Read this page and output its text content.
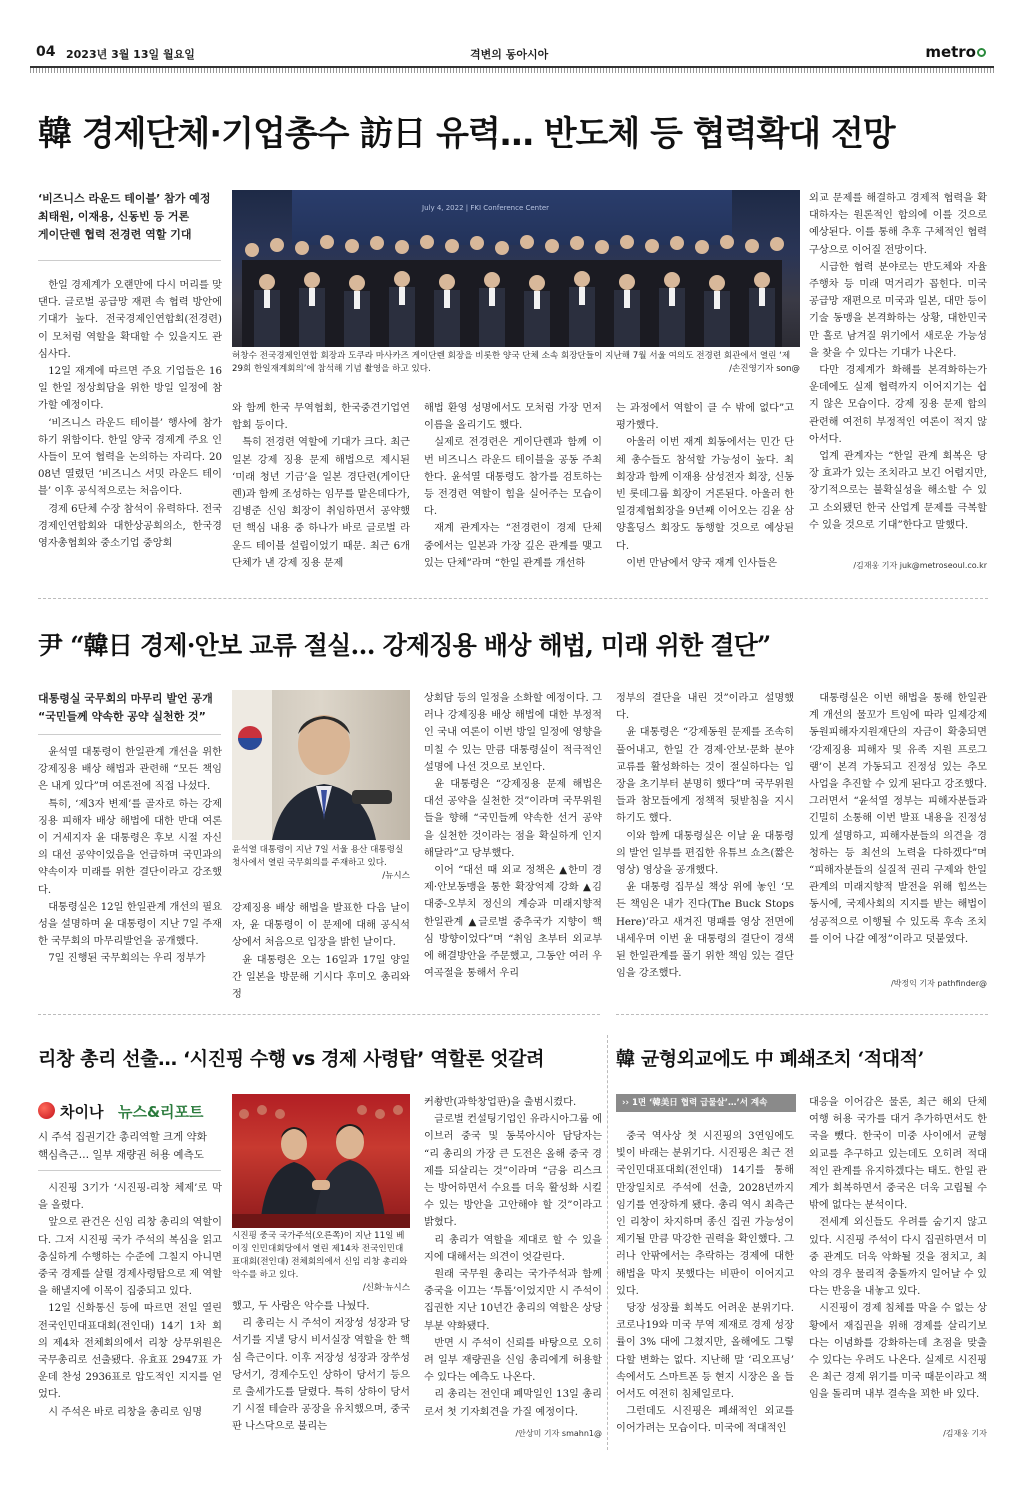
04 2023년 3월 13일 월요일	격변의 동아시아	metro
韓 경제단체·기업총수 訪日 유력… 반도체 등 협력확대 전망
‘비즈니스 라운드 테이블’ 참가 예정
최태원, 이재용, 신동빈 등 거론
게이단렌 협력 전경련 역할 기대

한일 경제계가 오랜만에 다시 머리를 맞댄다. 글로벌 공급망 재편 속 협력 방안에 기대가 높다. 전국경제인연합회(전경련)이 모처럼 역할을 확대할 수 있을지도 관심사다.

12일 재계에 따르면 주요 기업들은 16일 한일 정상회담을 위한 방일 일정에 참가할 예정이다.

‘비즈니스 라운드 테이블’ 행사에 참가하기 위함이다. 한일 양국 경제계 주요 인사들이 모여 협력을 논의하는 자리다. 2008년 열렸던 ‘비즈니스 서밋 라운드 테이블’ 이후 공식적으로는 처음이다.

경제 6단체 수장 참석이 유력하다. 전국경제인연합회와 대한상공회의소, 한국경영자총협회와 중소기업 중앙회

July 4, 2022 | FKI Conference Center
허창수 전국경제인연합 회장과 도쿠라 마사카즈 게이단렌 회장을 비롯한 양국 단체 소속 회장단들이 지난해 7월 서울 여의도 전경련 회관에서 열린 ‘제29회 한일재계회의’에 참석해 기념 촬영을 하고 있다.	/손진영기자 son@

와 함께 한국 무역협회, 한국중견기업연합회 등이다.

특히 전경련 역할에 기대가 크다. 최근 일본 강제 징용 문제 해법으로 제시된 ‘미래 청년 기금’을 일본 경단련(게이단렌)과 함께 조성하는 임무를 맡은데다가, 김병준 신임 회장이 취임하면서 공약했던 핵심 내용 중 하나가 바로 글로벌 라운드 테이블 설립이었기 때문. 최근 6개 단체가 낸 강제 징용 문제

해법 환영 성명에서도 모처럼 가장 먼저 이름을 올리기도 했다.

실제로 전경련은 게이단렌과 함께 이번 비즈니스 라운드 테이블을 공동 주최한다. 윤석열 대통령도 참가를 검토하는 등 전경련 역할이 힘을 실어주는 모습이다.

재계 관계자는 “전경련이 경제 단체 중에서는 일본과 가장 깊은 관계를 맺고 있는 단체”라며 “한일 관계를 개선하

는 과정에서 역할이 클 수 밖에 없다”고 평가했다.

아울러 이번 재계 회동에서는 민간 단체 총수들도 참석할 가능성이 높다. 최 회장과 함께 이재용 삼성전자 회장, 신동빈 롯데그룹 회장이 거론된다. 아울러 한일경제협회장을 9년째 이어오는 김윤 삼양홀딩스 회장도 동행할 것으로 예상된다.

이번 만남에서 양국 재계 인사들은

외교 문제를 해결하고 경제적 협력을 확대하자는 원론적인 합의에 이를 것으로 예상된다. 이를 통해 추후 구체적인 협력 구상으로 이어질 전망이다.

시급한 협력 분야로는 반도체와 자율주행차 등 미래 먹거리가 꼽힌다. 미국 공급망 재편으로 미국과 일본, 대만 등이 기술 동맹을 본격화하는 상황, 대한민국만 홀로 남겨질 위기에서 새로운 가능성을 찾을 수 있다는 기대가 나온다.

다만 경제계가 화해를 본격화하는가 운데에도 실제 협력까지 이어지기는 쉽지 않은 모습이다. 강제 징용 문제 합의 관련해 여전히 부정적인 여론이 적지 않아서다.

업계 관계자는 “한일 관계 회복은 당장 효과가 있는 조치라고 보긴 어렵지만, 장기적으로는 불확실성을 해소할 수 있고 소외됐던 한국 산업계 문제를 극복할 수 있을 것으로 기대”한다고 말했다.

/김재웅 기자 juk@metroseoul.co.kr
尹 “韓日 경제·안보 교류 절실… 강제징용 배상 해법, 미래 위한 결단”
대통령실 국무회의 마무리 발언 공개
“국민들께 약속한 공약 실천한 것”

윤석열 대통령이 한일관계 개선을 위한 강제징용 배상 해법과 관련해 “모든 책임은 내게 있다”며 여론전에 직접 나섰다.

특히, ‘제3자 변제’를 골자로 하는 강제징용 피해자 배상 해법에 대한 반대 여론이 거세지자 윤 대통령은 후보 시절 자신의 대선 공약이었음을 언급하며 국민과의 약속이자 미래를 위한 결단이라고 강조했다.

대통령실은 12일 한일관계 개선의 필요성을 설명하며 윤 대통령이 지난 7일 주재한 국무회의 마무리발언을 공개했다.

7일 진행된 국무회의는 우리 정부가

윤석열 대통령이 지난 7일 서울 용산 대통령실 청사에서 열린 국무회의를 주재하고 있다.
/뉴시스

강제징용 배상 해법을 발표한 다음 날이자, 윤 대통령이 이 문제에 대해 공식석상에서 처음으로 입장을 밝힌 날이다.

윤 대통령은 오는 16일과 17일 양일간 일본을 방문해 기시다 후미오 총리와 정

상회담 등의 일정을 소화할 예정이다. 그러나 강제징용 배상 해법에 대한 부정적인 국내 여론이 이번 방일 일정에 영향을 미칠 수 있는 만큼 대통령실이 적극적인 설명에 나선 것으로 보인다.

윤 대통령은 “강제징용 문제 해법은 대선 공약을 실천한 것”이라며 국무위원들을 향해 “국민들께 약속한 선거 공약을 실천한 것이라는 점을 확실하게 인지해달라”고 당부했다.

이어 “대선 때 외교 정책은 ▲한미 경제·안보동맹을 통한 확장억제 강화 ▲김대중-오부치 정신의 계승과 미래지향적 한일관계 ▲글로벌 중추국가 지향이 핵심 방향이었다”며 “취임 초부터 외교부에 해결방안을 주문했고, 그동안 여러 우여곡절을 통해서 우리

정부의 결단을 내린 것”이라고 설명했다.

윤 대통령은 “강제동원 문제를 조속히 풀어내고, 한일 간 경제·안보·문화 분야 교류를 활성화하는 것이 절실하다는 입장을 초기부터 분명히 했다”며 국무위원들과 참모들에게 정책적 뒷받침을 지시하기도 했다.

이와 함께 대통령실은 이날 윤 대통령의 발언 일부를 편집한 유튜브 쇼츠(짧은 영상) 영상을 공개했다.

윤 대통령 집무실 책상 위에 놓인 ‘모든 책임은 내가 진다(The Buck Stops Here)’라고 새겨진 명패를 영상 전면에 내세우며 이번 윤 대통령의 결단이 경색된 한일관계를 풀기 위한 책임 있는 결단임을 강조했다.

대통령실은 이번 해법을 통해 한일관계 개선의 물꼬가 트임에 따라 일제강제동원피해자지원재단의 자금이 확충되면 ‘강제징용 피해자 및 유족 지원 프로그램’이 본격 가동되고 진정성 있는 추모 사업을 추진할 수 있게 된다고 강조했다. 그러면서 “윤석열 정부는 피해자분들과 긴밀히 소통해 이번 발표 내용을 진정성 있게 설명하고, 피해자분들의 의견을 경청하는 등 최선의 노력을 다하겠다”며 “피해자분들의 실질적 권리 구제와 한일관계의 미래지향적 발전을 위해 힘쓰는 동시에, 국제사회의 지지를 받는 해법이 성공적으로 이행될 수 있도록 후속 조치를 이어 나갈 예정”이라고 덧붙였다.

/박정익 기자 pathfinder@
리창 총리 선출… ‘시진핑 수행 vs 경제 사령탑’ 역할론 엇갈려
차이나 뉴스&리포트
시 주석 집권기간 총리역할 크게 약화
핵심측근… 일부 재량권 허용 예측도

시진핑 3기가 ‘시진핑-리창 체제’로 막을 올렸다.

앞으로 관건은 신임 리창 총리의 역할이다. 그저 시진핑 국가 주석의 복심을 읽고 충실하게 수행하는 수준에 그칠지 아니면 중국 경제를 살릴 경제사령탑으로 제 역할을 해낼지에 이목이 집중되고 있다.

12일 신화통신 등에 따르면 전일 열린 전국인민대표대회(전인대) 14기 1차 회의 제4차 전체회의에서 리창 상무위원은 국무총리로 선출됐다. 유효표 2947표 가운데 찬성 2936표로 압도적인 지지를 얻었다.

시 주석은 바로 리창을 총리로 임명

시진핑 중국 국가주석(오른쪽)이 지난 11일 베이징 인민대회당에서 열린 제14차 전국인민대표대회(전인대) 전체회의에서 신임 리창 총리와 악수를 하고 있다.
/신화·뉴시스

했고, 두 사람은 악수를 나눴다.

리 총리는 시 주석이 저장성 성장과 당 서기를 지낼 당시 비서실장 역할을 한 핵심 측근이다. 이후 저장성 성장과 장쑤성 당서기, 경제수도인 상하이 당서기 등으로 출세가도를 달렸다. 특히 상하이 당서기 시절 테슬라 공장을 유치했으며, 중국판 나스닥으로 불리는

커촹반(과학창업판)을 출범시켰다.

글로벌 컨설팅기업인 유라시아그룹 에이브러 중국 및 동북아시아 담당자는 “리 총리의 가장 큰 도전은 올해 중국 경제를 되살리는 것”이라며 “금융 리스크는 방어하면서 수요를 더욱 활성화 시킬 수 있는 방안을 고안해야 할 것”이라고 밝혔다.

리 총리가 역할을 제대로 할 수 있을 지에 대해서는 의견이 엇갈린다.

원래 국무원 총리는 국가주석과 함께 중국을 이끄는 ‘투톱’이었지만 시 주석이 집권한 지난 10년간 총리의 역할은 상당 부분 약화됐다.

반면 시 주석이 신뢰를 바탕으로 오히려 일부 재량권을 신임 총리에게 허용할 수 있다는 예측도 나온다.

리 총리는 전인대 폐막일인 13일 총리로서 첫 기자회견을 가질 예정이다.

/안상미 기자 smahn1@
韓 균형외교에도 中 폐쇄조치 ‘적대적’
›› 1면 ‘韓美日 협력 급물살’…’서 계속

중국 역사상 첫 시진핑의 3연임에도 빛이 바래는 분위기다. 시진핑은 최근 전국인민대표대회(전인대) 14기를 통해 만장일치로 주석에 선출, 2028년까지 임기를 연장하게 됐다. 총리 역시 최측근인 리창이 차지하며 종신 집권 가능성이 제기될 만큼 막강한 권력을 확인했다. 그러나 안팎에서는 추락하는 경제에 대한 해법을 막지 못했다는 비판이 이어지고 있다.

당장 성장률 회복도 어려운 분위기다. 코로나19와 미국 무역 제재로 경제 성장률이 3% 대에 그쳤지만, 올해에도 그렇다할 변화는 없다. 지난해 말 ‘리오프닝’ 속에서도 스마트폰 등 현지 시장은 올 들어서도 여전히 침체일로다.

그런데도 시진핑은 폐쇄적인 외교를 이어가려는 모습이다. 미국에 적대적인

대응을 이어감은 물론, 최근 해외 단체 여행 허용 국가를 대거 추가하면서도 한국을 뺐다. 한국이 미중 사이에서 균형 외교를 추구하고 있는데도 오히려 적대적인 관계를 유지하겠다는 태도. 한일 관계가 회복하면서 중국은 더욱 고립될 수 밖에 없다는 분석이다.

전세계 외신들도 우려를 숨기지 않고 있다. 시진핑 주석이 다시 집권하면서 미중 관계도 더욱 악화될 것을 점치고, 최악의 경우 물리적 충돌까지 일어날 수 있다는 반응을 내놓고 있다.

시진핑이 경제 침체를 막을 수 없는 상황에서 재집권을 위해 경제를 살리기보다는 이념화를 강화하는데 초점을 맞출 수 있다는 우려도 나온다. 실제로 시진핑은 최근 경제 위기를 미국 때문이라고 책임을 돌리며 내부 결속을 꾀한 바 있다.

/김재웅 기자
